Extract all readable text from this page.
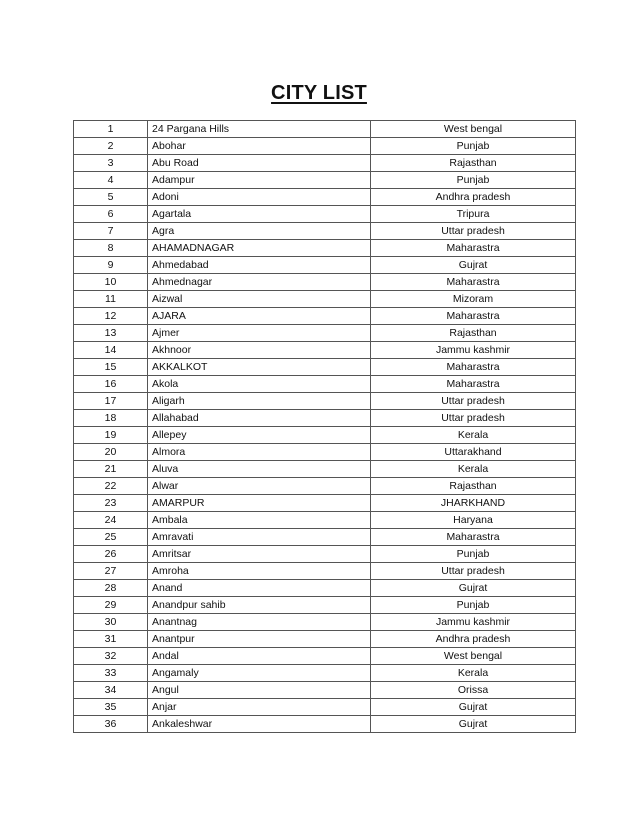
CITY LIST
1	24 Pargana Hills	West bengal
2	Abohar	Punjab
3	Abu Road	Rajasthan
4	Adampur	Punjab
5	Adoni	Andhra pradesh
6	Agartala	Tripura
7	Agra	Uttar pradesh
8	AHAMADNAGAR	Maharastra
9	Ahmedabad	Gujrat
10	Ahmednagar	Maharastra
11	Aizwal	Mizoram
12	AJARA	Maharastra
13	Ajmer	Rajasthan
14	Akhnoor	Jammu kashmir
15	AKKALKOT	Maharastra
16	Akola	Maharastra
17	Aligarh	Uttar pradesh
18	Allahabad	Uttar pradesh
19	Allepey	Kerala
20	Almora	Uttarakhand
21	Aluva	Kerala
22	Alwar	Rajasthan
23	AMARPUR	JHARKHAND
24	Ambala	Haryana
25	Amravati	Maharastra
26	Amritsar	Punjab
27	Amroha	Uttar pradesh
28	Anand	Gujrat
29	Anandpur sahib	Punjab
30	Anantnag	Jammu kashmir
31	Anantpur	Andhra pradesh
32	Andal	West bengal
33	Angamaly	Kerala
34	Angul	Orissa
35	Anjar	Gujrat
36	Ankaleshwar	Gujrat
